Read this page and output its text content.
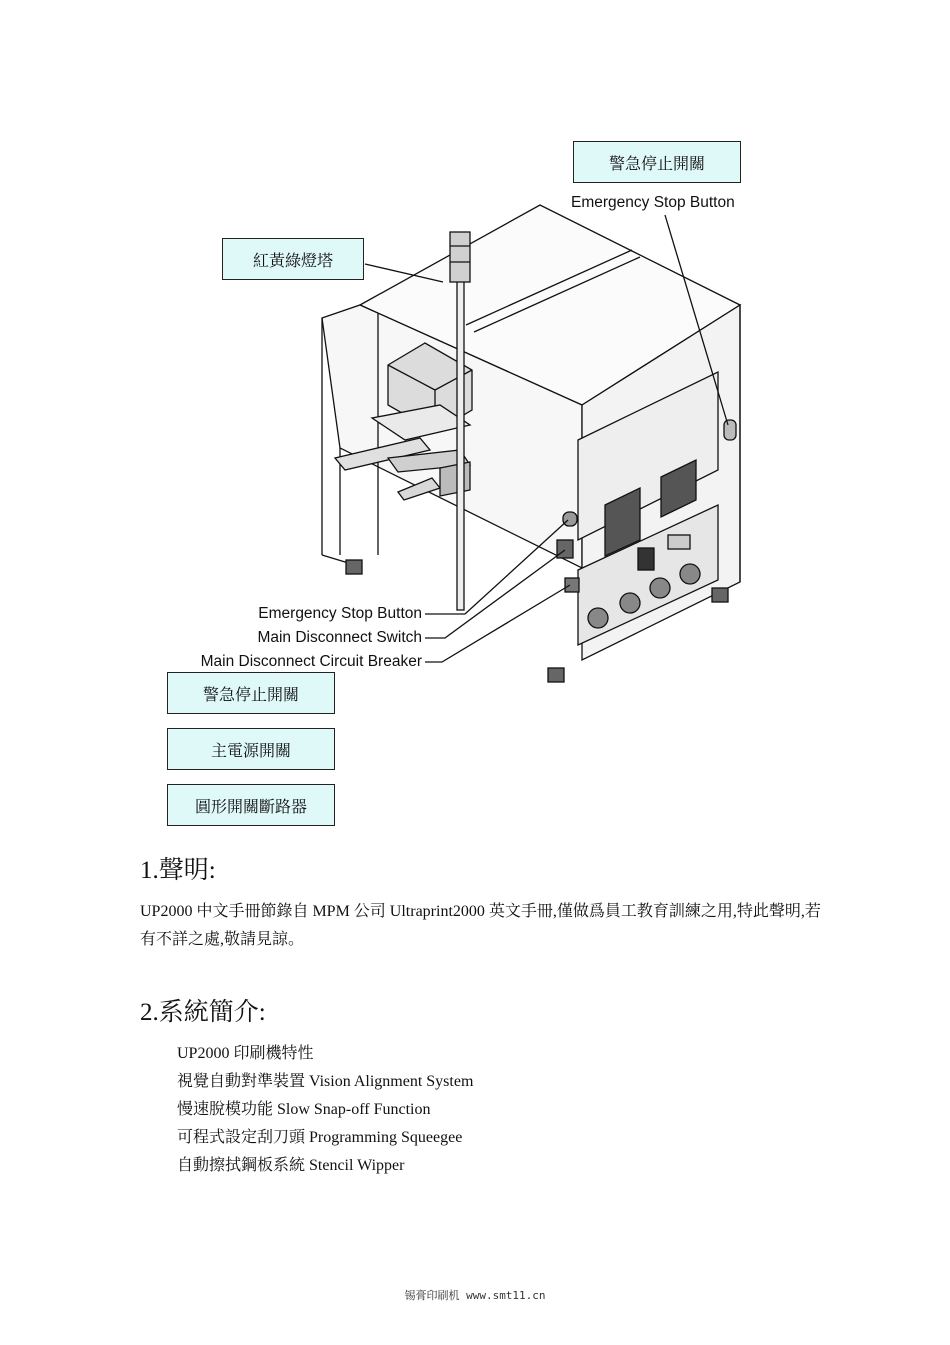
警急停止開關
Emergency Stop Button
紅黃綠燈塔
Emergency Stop Button
Main Disconnect Switch
Main Disconnect Circuit Breaker
警急停止開關
主電源開關
圓形開關斷路器
1.聲明:
UP2000 中文手冊節錄自 MPM 公司 Ultraprint2000 英文手冊,僅做爲員工教育訓練之用,特此聲明,若有不詳之處,敬請見諒。
2.系統簡介:
UP2000 印刷機特性
視覺自動對準裝置 Vision Alignment System
慢速脫模功能 Slow Snap-off Function
可程式設定刮刀頭 Programming Squeegee
自動擦拭鋼板系統 Stencil Wipper
锡膏印刷机 www.smt11.cn
